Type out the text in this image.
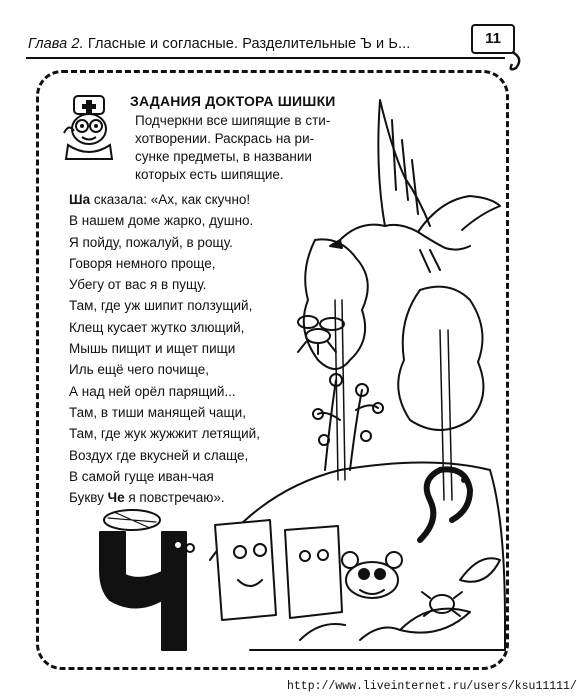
Глава 2. Гласные и согласные. Разделительные Ъ и Ь...	11
ЗАДАНИЯ ДОКТОРА ШИШКИ
Подчеркни все шипящие в сти-
хотворении. Раскрась на ри-
сунке предметы, в названии
которых есть шипящие.
Ша сказала: «Ах, как скучно!
В нашем доме жарко, душно.
Я пойду, пожалуй, в рощу.
Говоря немного проще,
Убегу от вас я в пущу.
Там, где уж шипит ползущий,
Клещ кусает жутко злющий,
Мышь пищит и ищет пищи
Иль ещё чего почище,
А над ней орёл парящий...
Там, в тиши манящей чащи,
Там, где жук жужжит летящий,
Воздух где вкусней и слаще,
В самой гуще иван-чая
Букву Че я повстречаю».
http://www.liveinternet.ru/users/ksu11111/
